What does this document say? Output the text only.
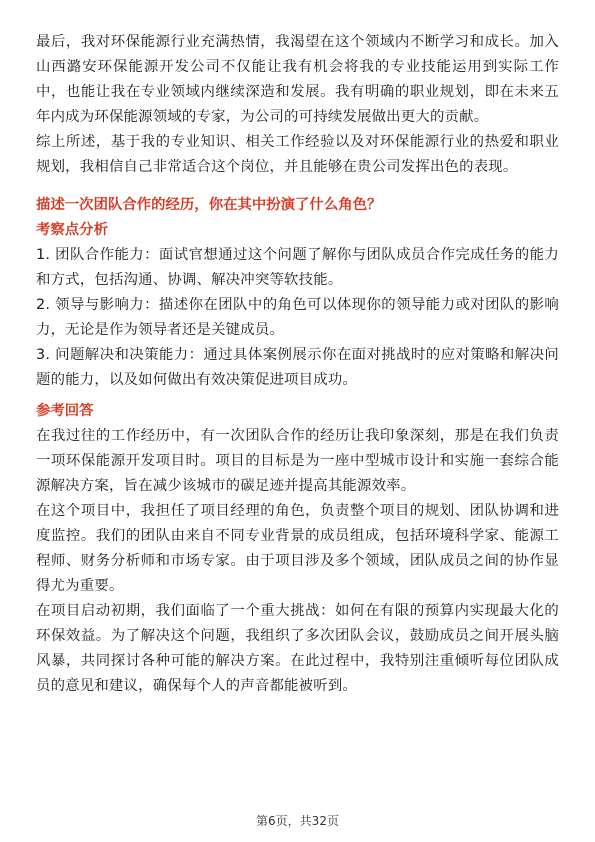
最后，我对环保能源行业充满热情，我渴望在这个领域内不断学习和成长。加入山西潞安环保能源开发公司不仅能让我有机会将我的专业技能运用到实际工作中，也能让我在专业领域内继续深造和发展。我有明确的职业规划，即在未来五年内成为环保能源领域的专家，为公司的可持续发展做出更大的贡献。

综上所述，基于我的专业知识、相关工作经验以及对环保能源行业的热爱和职业规划，我相信自己非常适合这个岗位，并且能够在贵公司发挥出色的表现。

描述一次团队合作的经历，你在其中扮演了什么角色？

考察点分析

1. 团队合作能力：面试官想通过这个问题了解你与团队成员合作完成任务的能力和方式，包括沟通、协调、解决冲突等软技能。

2. 领导与影响力：描述你在团队中的角色可以体现你的领导能力或对团队的影响力，无论是作为领导者还是关键成员。

3. 问题解决和决策能力：通过具体案例展示你在面对挑战时的应对策略和解决问题的能力，以及如何做出有效决策促进项目成功。

参考回答

在我过往的工作经历中，有一次团队合作的经历让我印象深刻，那是在我们负责一项环保能源开发项目时。项目的目标是为一座中型城市设计和实施一套综合能源解决方案，旨在减少该城市的碳足迹并提高其能源效率。

在这个项目中，我担任了项目经理的角色，负责整个项目的规划、团队协调和进度监控。我们的团队由来自不同专业背景的成员组成，包括环境科学家、能源工程师、财务分析师和市场专家。由于项目涉及多个领域，团队成员之间的协作显得尤为重要。

在项目启动初期，我们面临了一个重大挑战：如何在有限的预算内实现最大化的环保效益。为了解决这个问题，我组织了多次团队会议，鼓励成员之间开展头脑风暴，共同探讨各种可能的解决方案。在此过程中，我特别注重倾听每位团队成员的意见和建议，确保每个人的声音都能被听到。

第6页，共32页
